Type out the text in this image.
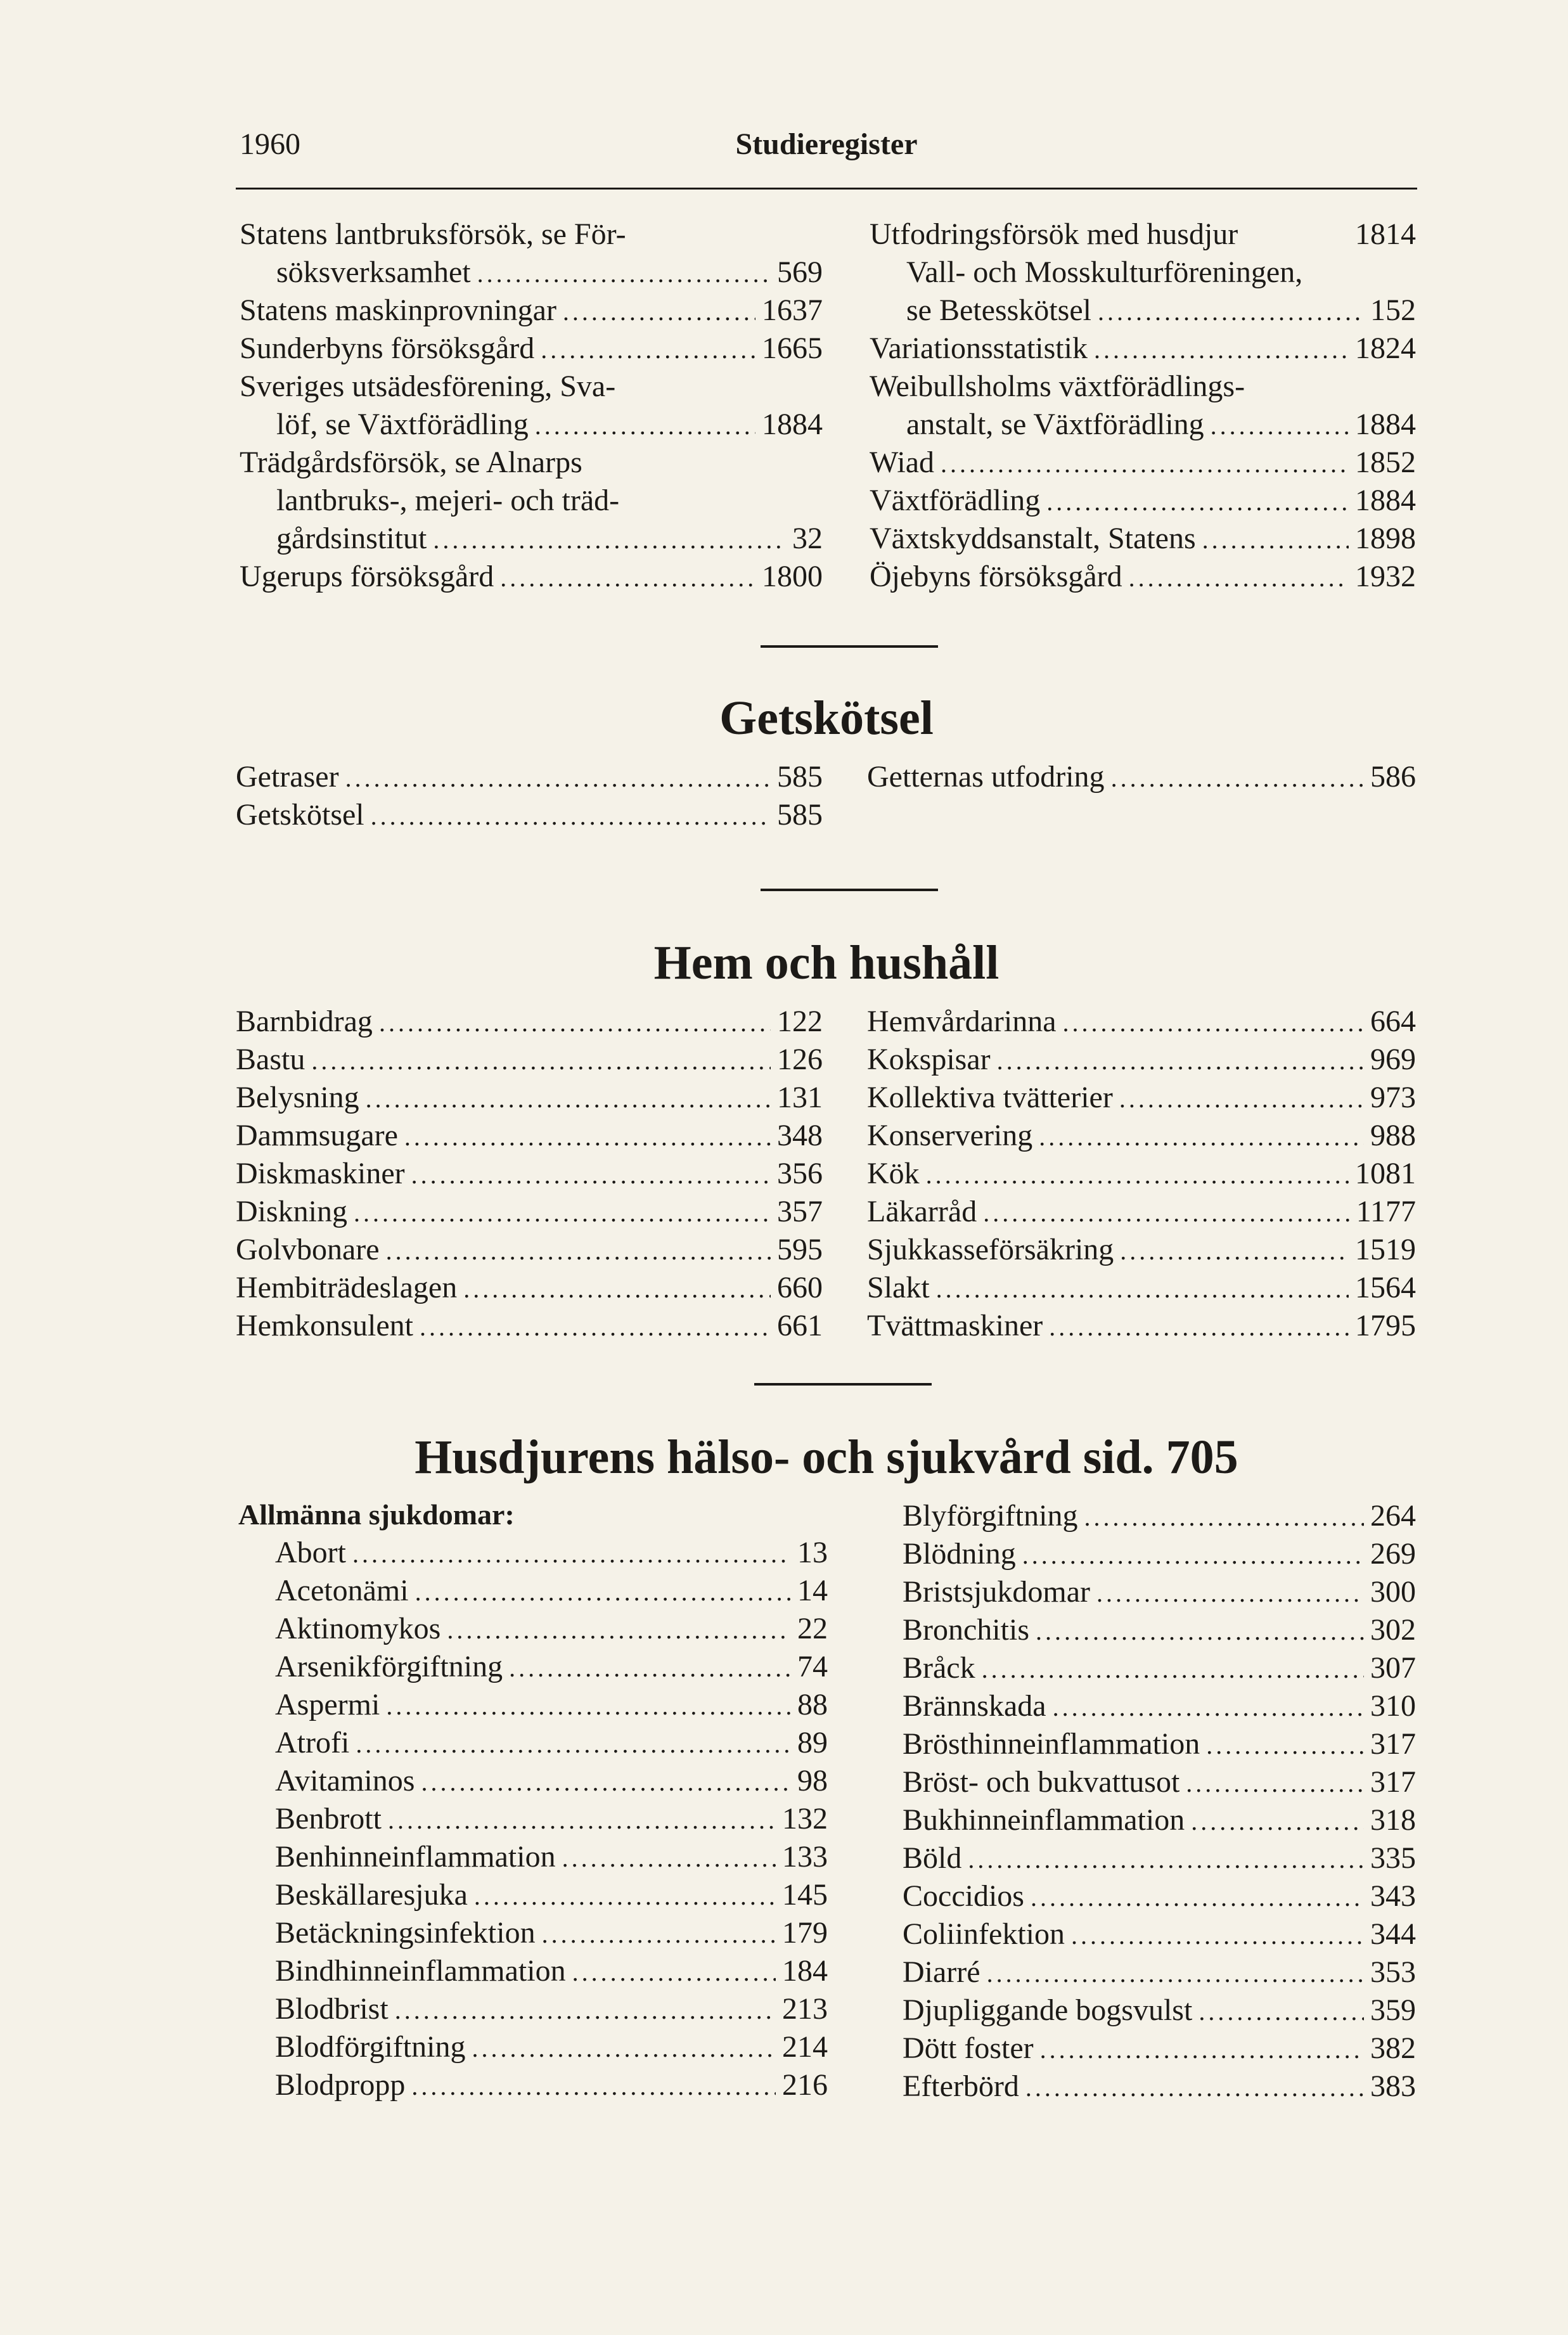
1960	Studieregister
Statens lantbruksförsök, se För-
söksverksamhet .....	569
Statens maskinprovningar .....	1637
Sunderbyns försöksgård .....	1665
Sveriges utsädesförening, Sva-
löf, se Växtförädling .....	1884
Trädgårdsförsök, se Alnarps
lantbruks-, mejeri- och träd-
gårdsinstitut .....	32
Ugerups försöksgård .....	1800
Utfodringsförsök med husdjur	1814
Vall- och Mosskulturföreningen,
se Betesskötsel .....	152
Variationsstatistik .....	1824
Weibullsholms växtförädlings-
anstalt, se Växtförädling .....	1884
Wiad .....	1852
Växtförädling .....	1884
Växtskyddsanstalt, Statens .....	1898
Öjebyns försöksgård .....	1932
Getskötsel
Getraser .....	585
Getskötsel .....	585
Getternas utfodring .....	586
Hem och hushåll
Barnbidrag .....	122
Bastu .....	126
Belysning .....	131
Dammsugare .....	348
Diskmaskiner .....	356
Diskning .....	357
Golvbonare .....	595
Hembiträdeslagen .....	660
Hemkonsulent .....	661
Hemvårdarinna .....	664
Kokspisar .....	969
Kollektiva tvätterier .....	973
Konservering .....	988
Kök .....	1081
Läkarråd .....	1177
Sjukkasseförsäkring .....	1519
Slakt .....	1564
Tvättmaskiner .....	1795
Husdjurens hälso- och sjukvård sid. 705
Allmänna sjukdomar:
Abort .....	13
Acetonämi .....	14
Aktinomykos .....	22
Arsenikförgiftning .....	74
Aspermi .....	88
Atrofi .....	89
Avitaminos .....	98
Benbrott .....	132
Benhinneinflammation .....	133
Beskällaresjuka .....	145
Betäckningsinfektion .....	179
Bindhinneinflammation .....	184
Blodbrist .....	213
Blodförgiftning .....	214
Blodpropp .....	216
Blyförgiftning .....	264
Blödning .....	269
Bristsjukdomar .....	300
Bronchitis .....	302
Bråck .....	307
Brännskada .....	310
Brösthinneinflammation .....	317
Bröst- och bukvattusot .....	317
Bukhinneinflammation .....	318
Böld .....	335
Coccidios .....	343
Coliinfektion .....	344
Diarré .....	353
Djupliggande bogsvulst .....	359
Dött foster .....	382
Efterbörd .....	383
